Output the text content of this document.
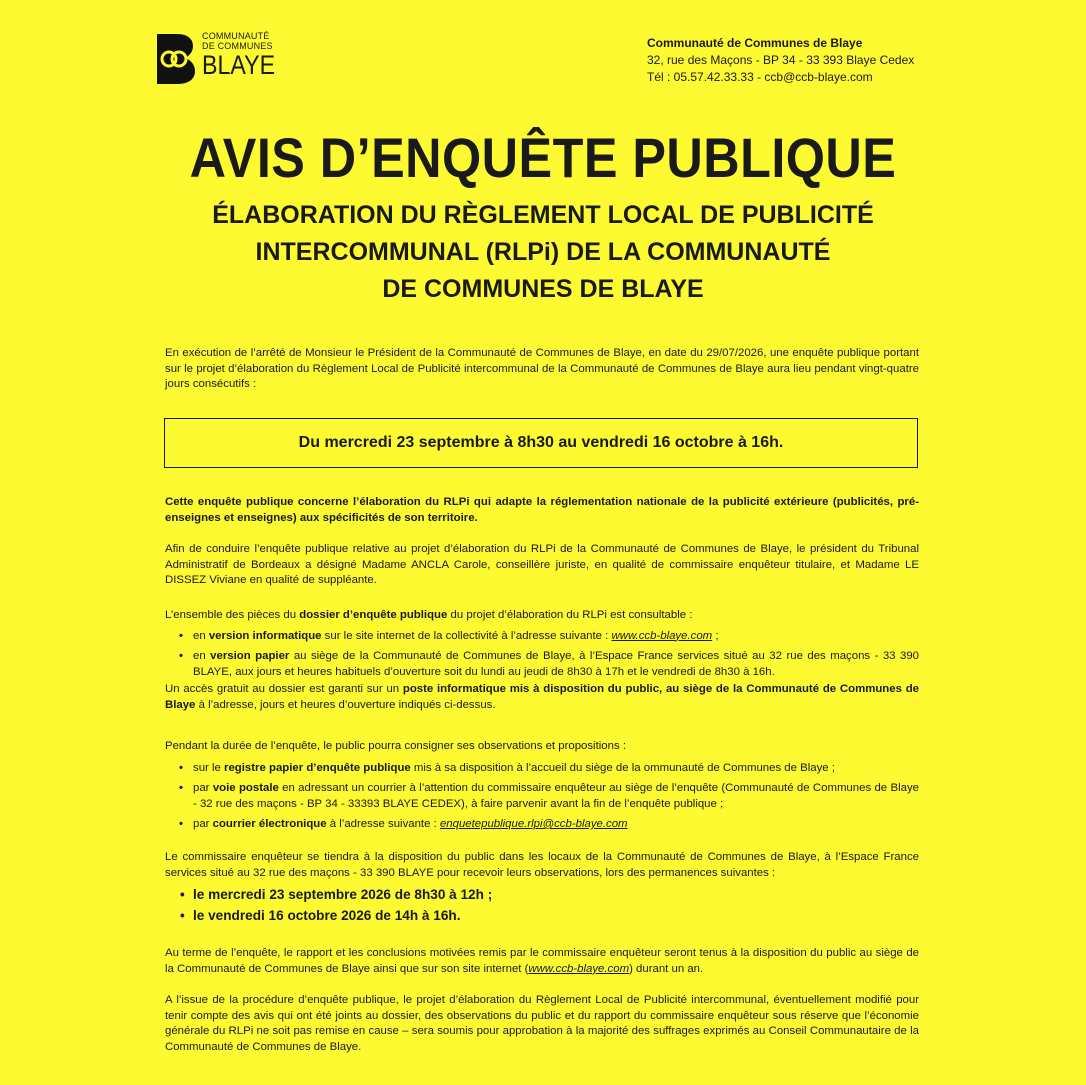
COMMUNAUTÉ
DE COMMUNES
BLAYE
Communauté de Communes de Blaye
32, rue des Maçons - BP 34 - 33 393 Blaye Cedex
Tél : 05.57.42.33.33 - ccb@ccb-blaye.com
AVIS D’ENQUÊTE PUBLIQUE
ÉLABORATION DU RÈGLEMENT LOCAL DE PUBLICITÉ
INTERCOMMUNAL (RLPi) DE LA COMMUNAUTÉ
DE COMMUNES DE BLAYE

En exécution de l’arrêté de Monsieur le Président de la Communauté de Communes de Blaye, en date du 29/07/2026, une enquête publique portant sur le projet d’élaboration du Règlement Local de Publicité intercommunal de la Communauté de Communes de Blaye aura lieu pendant vingt-quatre jours consécutifs :

Du mercredi 23 septembre à 8h30 au vendredi 16 octobre à 16h.

Cette enquête publique concerne l’élaboration du RLPi qui adapte la réglementation nationale de la publicité extérieure (publicités, pré-enseignes et enseignes) aux spécificités de son territoire.

Afin de conduire l’enquête publique relative au projet d’élaboration du RLPi de la Communauté de Communes de Blaye, le président du Tribunal Administratif de Bordeaux a désigné Madame ANCLA Carole, conseillère juriste, en qualité de commissaire enquêteur titulaire, et Madame LE DISSEZ Viviane en qualité de suppléante.

L’ensemble des pièces du dossier d’enquête publique du projet d’élaboration du RLPi est consultable :

• en version informatique sur le site internet de la collectivité à l’adresse suivante : www.ccb-blaye.com ;
• en version papier au siège de la Communauté de Communes de Blaye, à l’Espace France services situé au 32 rue des maçons - 33 390 BLAYE, aux jours et heures habituels d’ouverture soit du lundi au jeudi de 8h30 à 17h et le vendredi de 8h30 à 16h.

Un accès gratuit au dossier est garanti sur un poste informatique mis à disposition du public, au siège de la Communauté de Communes de Blaye à l’adresse, jours et heures d’ouverture indiqués ci-dessus.

Pendant la durée de l’enquête, le public pourra consigner ses observations et propositions :

• sur le registre papier d’enquête publique mis à sa disposition à l’accueil du siège de la ommunauté de Communes de Blaye ;
• par voie postale en adressant un courrier à l’attention du commissaire enquêteur au siège de l’enquête (Communauté de Communes de Blaye - 32 rue des maçons - BP 34 - 33393 BLAYE CEDEX), à faire parvenir avant la fin de l’enquête publique ;
• par courrier électronique à l’adresse suivante : enquetepublique.rlpi@ccb-blaye.com

Le commissaire enquêteur se tiendra à la disposition du public dans les locaux de la Communauté de Communes de Blaye, à l’Espace France services situé au 32 rue des maçons - 33 390 BLAYE pour recevoir leurs observations, lors des permanences suivantes :

• le mercredi 23 septembre 2026 de 8h30 à 12h ;
• le vendredi 16 octobre 2026 de 14h à 16h.

Au terme de l’enquête, le rapport et les conclusions motivées remis par le commissaire enquêteur seront tenus à la disposition du public au siège de la Communauté de Communes de Blaye ainsi que sur son site internet (www.ccb-blaye.com) durant un an.

A l’issue de la procédure d’enquête publique, le projet d’élaboration du Règlement Local de Publicité intercommunal, éventuellement modifié pour tenir compte des avis qui ont été joints au dossier, des observations du public et du rapport du commissaire enquêteur sous réserve que l’économie générale du RLPi ne soit pas remise en cause – sera soumis pour approbation à la majorité des suffrages exprimés au Conseil Communautaire de la Communauté de Communes de Blaye.
